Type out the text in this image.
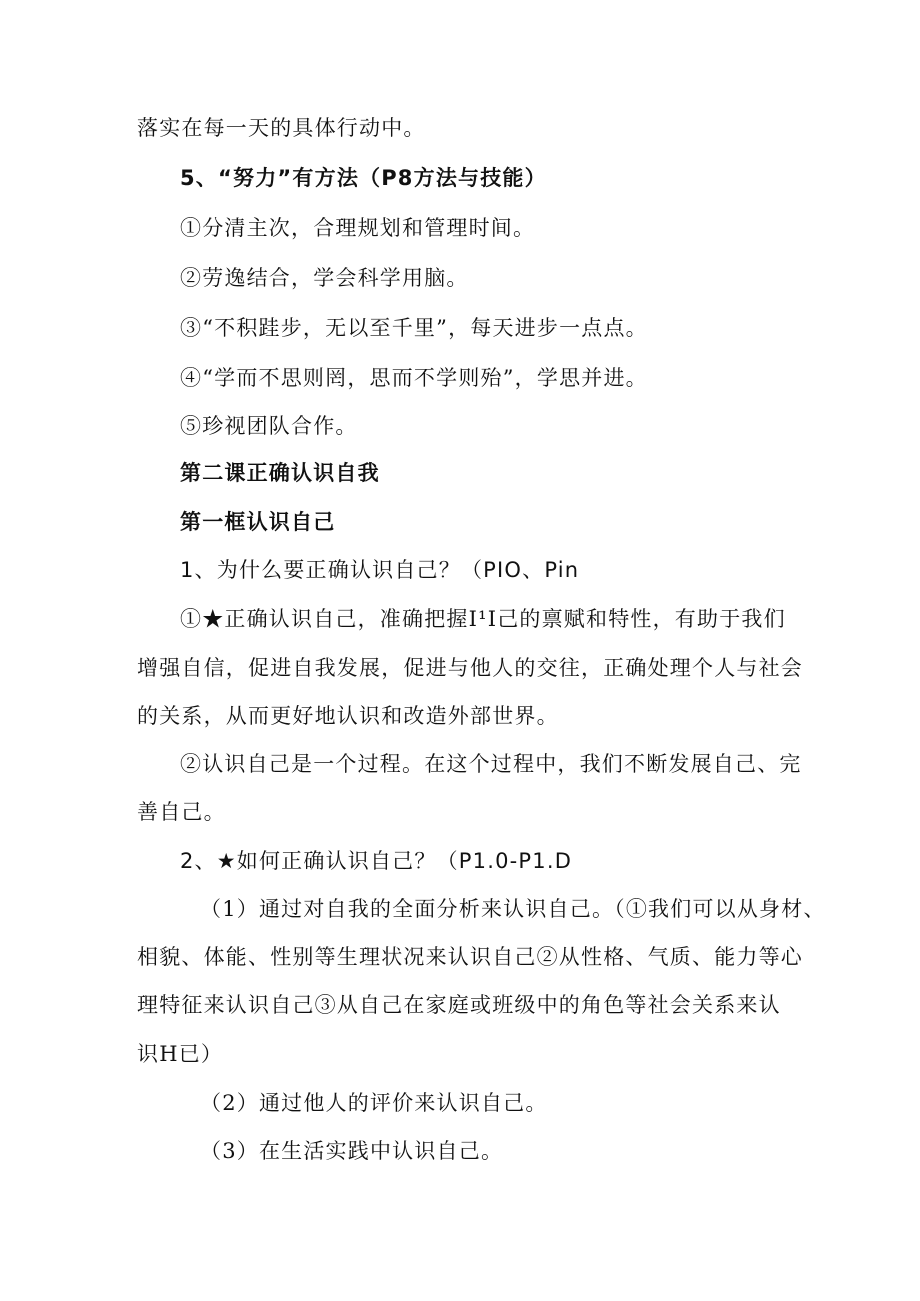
落实在每一天的具体行动中。
5、“努力”有方法（P8方法与技能）
①分清主次，合理规划和管理时间。
②劳逸结合，学会科学用脑。
③“不积跬步，无以至千里”，每天进步一点点。
④“学而不思则罔，思而不学则殆”，学思并进。
⑤珍视团队合作。
第二课正确认识自我
第一框认识自己
1、为什么要正确认识自己？（PIO、Pin
①★正确认识自己，准确把握I¹I己的禀赋和特性，有助于我们
增强自信，促进自我发展，促进与他人的交往，正确处理个人与社会
的关系，从而更好地认识和改造外部世界。
②认识自己是一个过程。在这个过程中，我们不断发展自己、完
善自己。
2、★如何正确认识自己？（P1.0-P1.D
（1）通过对自我的全面分析来认识自己。（①我们可以从身材、
相貌、体能、性别等生理状况来认识自己②从性格、气质、能力等心
理特征来认识自己③从自己在家庭或班级中的角色等社会关系来认
识H已）
（2）通过他人的评价来认识自己。
（3）在生活实践中认识自己。
